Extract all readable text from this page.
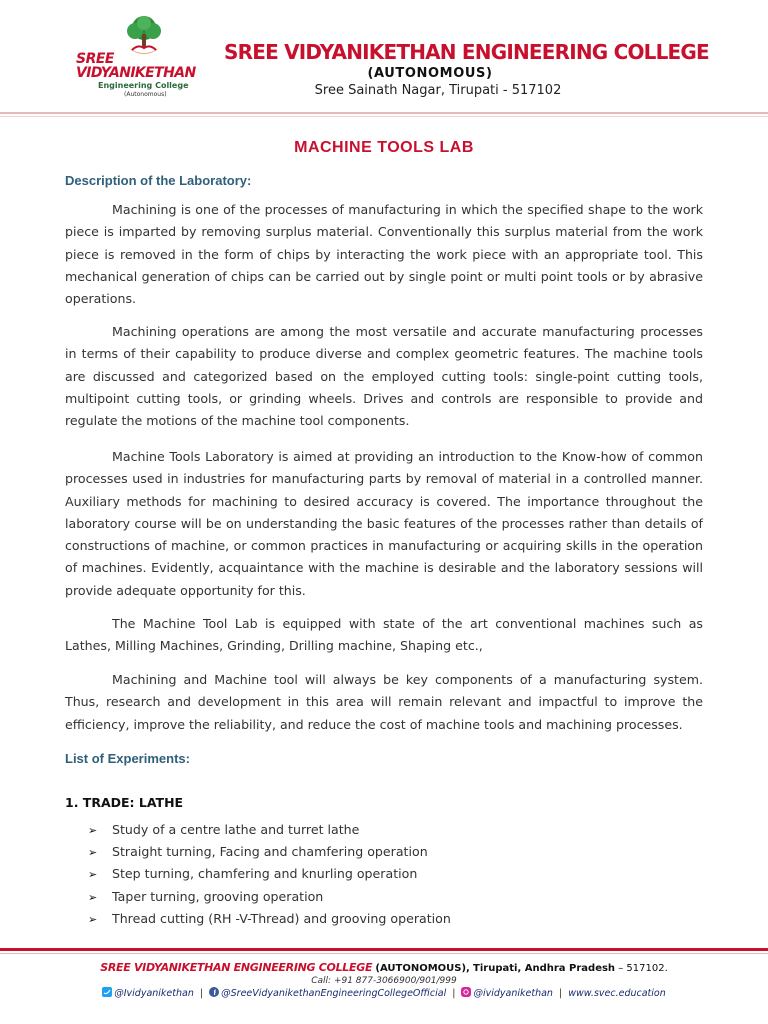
SREE
VIDYANIKETHAN
Engineering College
(Autonomous)
SREE VIDYANIKETHAN ENGINEERING COLLEGE
(AUTONOMOUS)
Sree Sainath Nagar, Tirupati - 517102
MACHINE TOOLS LAB
Description of the Laboratory:
Machining is one of the processes of manufacturing in which the specified shape to the work piece is imparted by removing surplus material. Conventionally this surplus material from the work piece is removed in the form of chips by interacting the work piece with an appropriate tool. This mechanical generation of chips can be carried out by single point or multi point tools or by abrasive operations.
Machining operations are among the most versatile and accurate manufacturing processes in terms of their capability to produce diverse and complex geometric features. The machine tools are discussed and categorized based on the employed cutting tools: single-point cutting tools, multipoint cutting tools, or grinding wheels. Drives and controls are responsible to provide and regulate the motions of the machine tool components.
Machine Tools Laboratory is aimed at providing an introduction to the Know-how of common processes used in industries for manufacturing parts by removal of material in a controlled manner. Auxiliary methods for machining to desired accuracy is covered. The importance throughout the laboratory course will be on understanding the basic features of the processes rather than details of constructions of machine, or common practices in manufacturing or acquiring skills in the operation of machines. Evidently, acquaintance with the machine is desirable and the laboratory sessions will provide adequate opportunity for this.
The Machine Tool Lab is equipped with state of the art conventional machines such as Lathes, Milling Machines, Grinding, Drilling machine, Shaping etc.,
Machining and Machine tool will always be key components of a manufacturing system. Thus, research and development in this area will remain relevant and impactful to improve the efficiency, improve the reliability, and reduce the cost of machine tools and machining processes.
List of Experiments:
1. TRADE: LATHE
➢ Study of a centre lathe and turret lathe
➢ Straight turning, Facing and chamfering operation
➢ Step turning, chamfering and knurling operation
➢ Taper turning, grooving operation
➢ Thread cutting (RH -V-Thread) and grooving operation
SREE VIDYANIKETHAN ENGINEERING COLLEGE (AUTONOMOUS), Tirupati, Andhra Pradesh – 517102.
Call: +91 877-3066900/901/999
@Ividyanikethan | @SreeVidyanikethanEngineeringCollegeOfficial | @ividyanikethan | www.svec.education
